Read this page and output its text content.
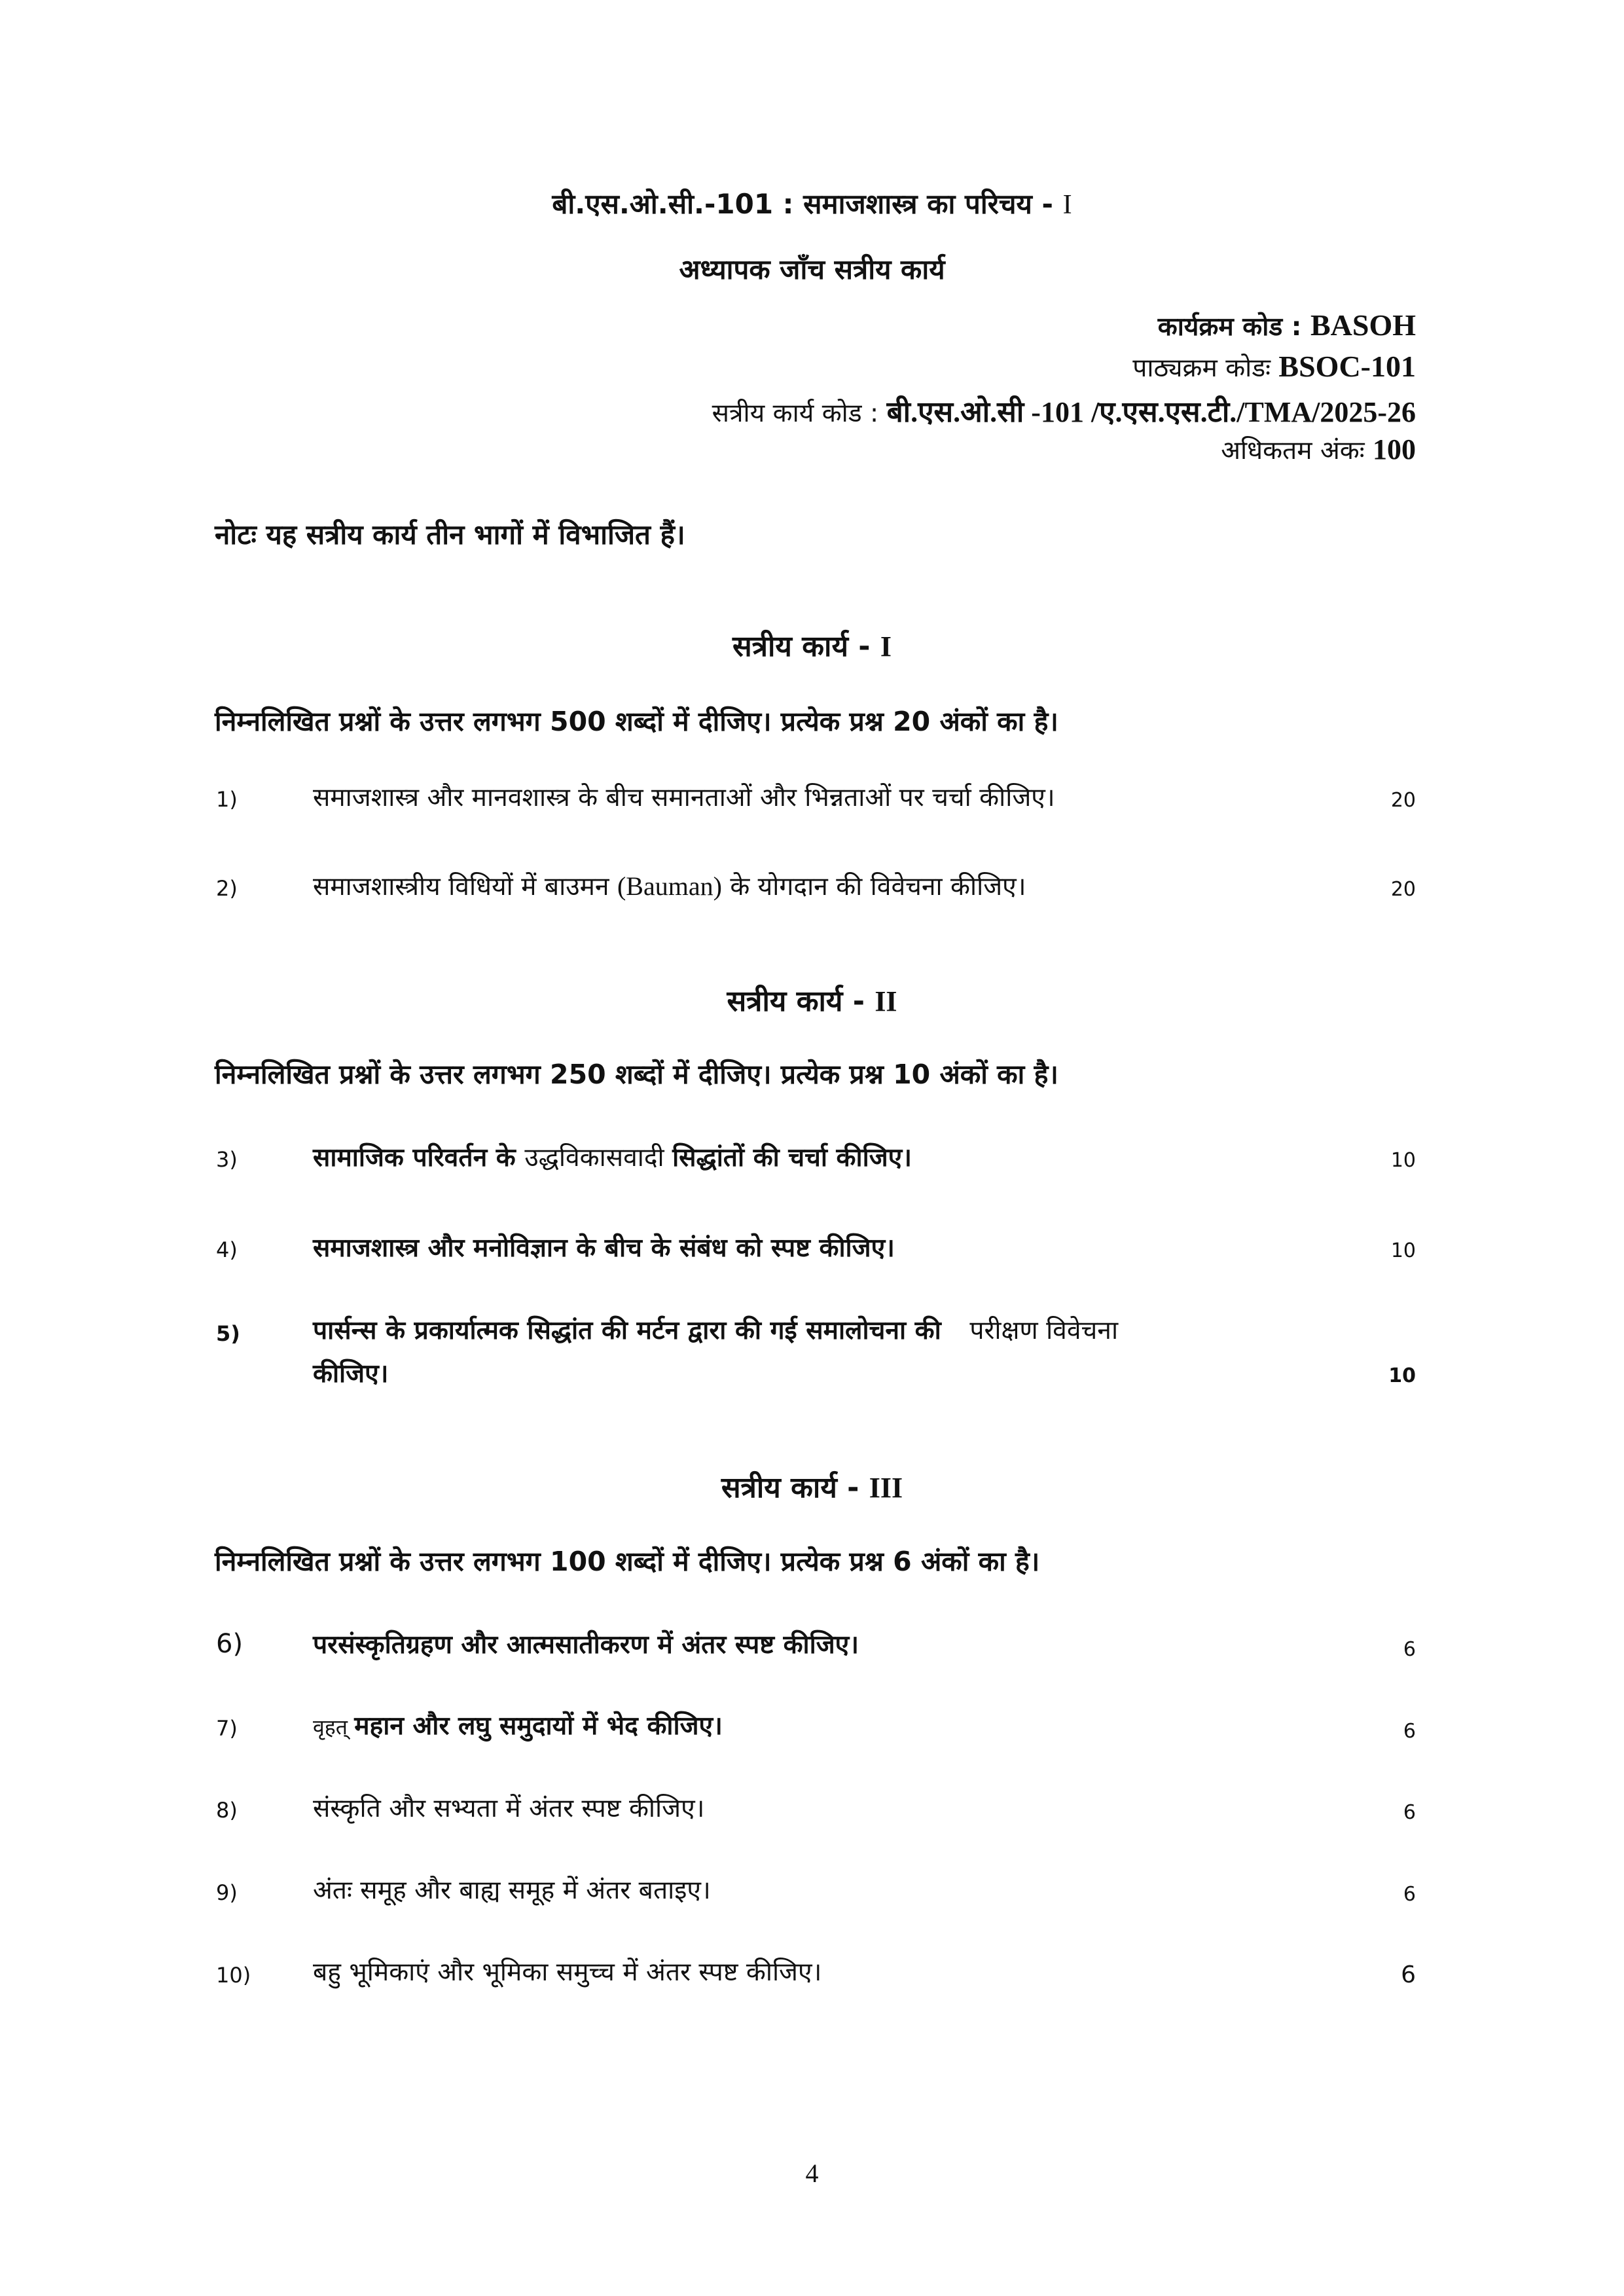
बी.एस.ओ.सी.-101 : समाजशास्त्र का परिचय - I
अध्यापक जाँच सत्रीय कार्य
कार्यक्रम कोड : BASOH
पाठ्यक्रम कोडः BSOC-101
सत्रीय कार्य कोड : बी.एस.ओ.सी -101 /ए.एस.एस.टी./TMA/2025-26
अधिकतम अंकः 100
नोटः यह सत्रीय कार्य तीन भागों में विभाजित हैं।
सत्रीय कार्य - I
निम्नलिखित प्रश्नों के उत्तर लगभग 500 शब्दों में दीजिए। प्रत्येक प्रश्न 20 अंकों का है।
1)	समाजशास्त्र और मानवशास्त्र के बीच समानताओं और भिन्नताओं पर चर्चा कीजिए।	20
2)	समाजशास्त्रीय विधियों में बाउमन (Bauman) के योगदान की विवेचना कीजिए।	20
सत्रीय कार्य - II
निम्नलिखित प्रश्नों के उत्तर लगभग 250 शब्दों में दीजिए। प्रत्येक प्रश्न 10 अंकों का है।
3)	सामाजिक परिवर्तन के उद्धविकासवादी सिद्धांतों की चर्चा कीजिए।	10
4)	समाजशास्त्र और मनोविज्ञान के बीच के संबंध को स्पष्ट कीजिए।	10
5)	पार्सन्स के प्रकार्यात्मक सिद्धांत की मर्टन द्वारा की गई समालोचना की परीक्षण विवेचना
कीजिए।	10
सत्रीय कार्य - III
निम्नलिखित प्रश्नों के उत्तर लगभग 100 शब्दों में दीजिए। प्रत्येक प्रश्न 6 अंकों का है।
6)	परसंस्कृतिग्रहण और आत्मसातीकरण में अंतर स्पष्ट कीजिए।	6
7)	वृहत् महान और लघु समुदायों में भेद कीजिए।	6
8)	संस्कृति और सभ्यता में अंतर स्पष्ट कीजिए।	6
9)	अंतः समूह और बाह्य समूह में अंतर बताइए।	6
10) बहु भूमिकाएं और भूमिका समुच्च में अंतर स्पष्ट कीजिए।	6
4
